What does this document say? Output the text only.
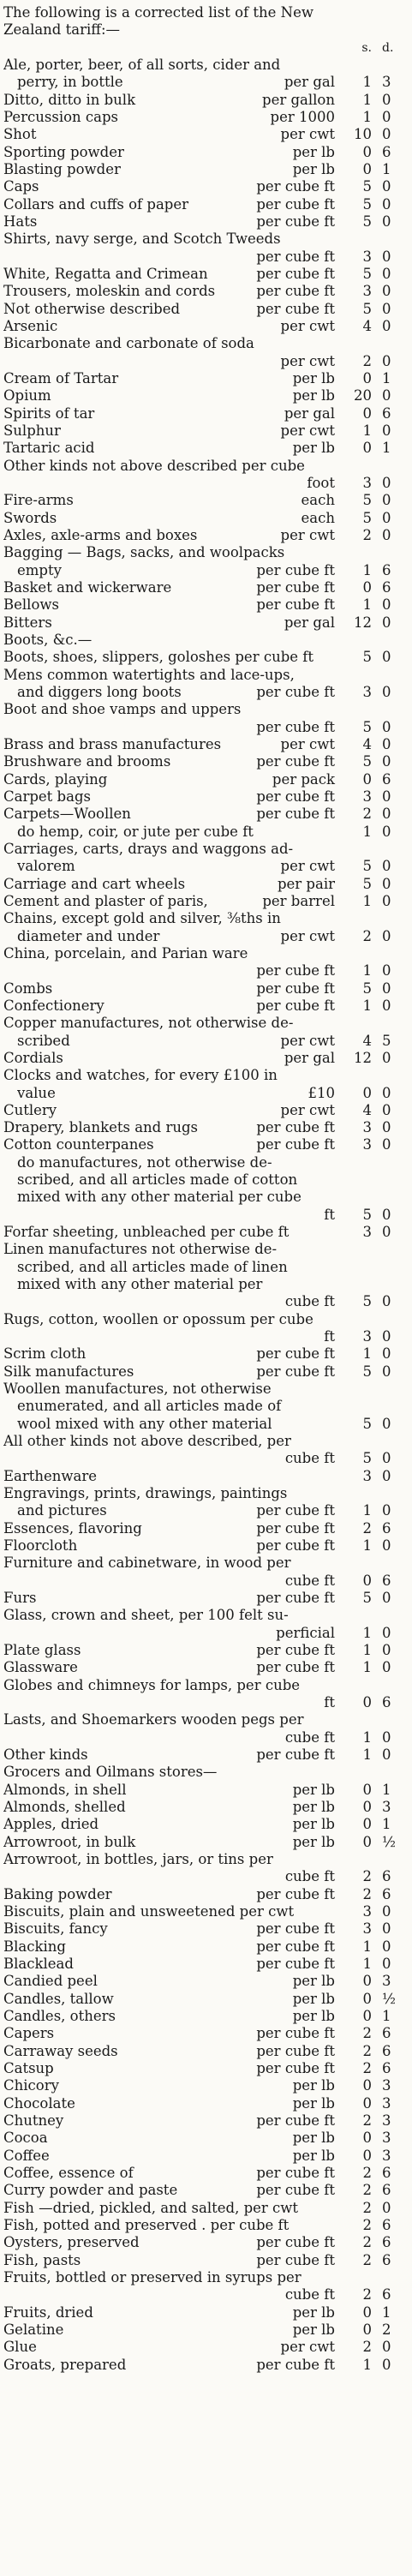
The following is a corrected list of the New
Zealand tariff:—
s. d.
Ale, porter, beer, of all sorts, cider and
perry, in bottle	per gal	1 3
Ditto, ditto in bulk	per gallon	1 0
Percussion caps	per 1000	1 0
Shot	per cwt	10 0
Sporting powder	per lb	0 6
Blasting powder	per lb	0 1
Caps	per cube ft	5 0
Collars and cuffs of paper	per cube ft	5 0
Hats	per cube ft	5 0
Shirts, navy serge, and Scotch Tweeds
per cube ft	3 0
White, Regatta and Crimean	per cube ft	5 0
Trousers, moleskin and cords	per cube ft	3 0
Not otherwise described	per cube ft	5 0
Arsenic	per cwt	4 0
Bicarbonate and carbonate of soda
per cwt	2 0
Cream of Tartar	per lb	0 1
Opium	per lb	20 0
Spirits of tar	per gal	0 6
Sulphur	per cwt	1 0
Tartaric acid	per lb	0 1
Other kinds not above described per cube
foot	3 0
Fire-arms	each	5 0
Swords	each	5 0
Axles, axle-arms and boxes	per cwt	2 0
Bagging — Bags, sacks, and woolpacks
empty	per cube ft	1 6
Basket and wickerware	per cube ft	0 6
Bellows	per cube ft	1 0
Bitters	per gal	12 0
Boots, &c.—
Boots, shoes, slippers, goloshes per cube ft	5 0
Mens common watertights and lace-ups,
and diggers long boots	per cube ft	3 0
Boot and shoe vamps and uppers
per cube ft	5 0
Brass and brass manufactures	per cwt	4 0
Brushware and brooms	per cube ft	5 0
Cards, playing	per pack	0 6
Carpet bags	per cube ft	3 0
Carpets—Woollen	per cube ft	2 0
do hemp, coir, or jute per cube ft	1 0
Carriages, carts, drays and waggons ad-
valorem	per cwt	5 0
Carriage and cart wheels	per pair	5 0
Cement and plaster of paris,	per barrel	1 0
Chains, except gold and silver, ⅜ths in
diameter and under	per cwt	2 0
China, porcelain, and Parian ware
per cube ft	1 0
Combs	per cube ft	5 0
Confectionery	per cube ft	1 0
Copper manufactures, not otherwise de-
scribed	per cwt	4 5
Cordials	per gal	12 0
Clocks and watches, for every £100 in
value	£10	0 0
Cutlery	per cwt	4 0
Drapery, blankets and rugs	per cube ft	3 0
Cotton counterpanes	per cube ft	3 0
do manufactures, not otherwise de-
scribed, and all articles made of cotton
mixed with any other material per cube
ft	5 0
Forfar sheeting, unbleached per cube ft	3 0
Linen manufactures not otherwise de-
scribed, and all articles made of linen
mixed with any other material per
cube ft	5 0
Rugs, cotton, woollen or opossum per cube
ft	3 0
Scrim cloth	per cube ft	1 0
Silk manufactures	per cube ft	5 0
Woollen manufactures, not otherwise
enumerated, and all articles made of
wool mixed with any other material	5 0
All other kinds not above described, per
cube ft	5 0
Earthenware	3 0
Engravings, prints, drawings, paintings
and pictures	per cube ft	1 0
Essences, flavoring	per cube ft	2 6
Floorcloth	per cube ft	1 0
Furniture and cabinetware, in wood per
cube ft	0 6
Furs	per cube ft	5 0
Glass, crown and sheet, per 100 felt su-
perficial	1 0
Plate glass	per cube ft	1 0
Glassware	per cube ft	1 0
Globes and chimneys for lamps, per cube
ft	0 6
Lasts, and Shoemarkers wooden pegs per
cube ft	1 0
Other kinds	per cube ft	1 0
Grocers and Oilmans stores—
Almonds, in shell	per lb	0 1
Almonds, shelled	per lb	0 3
Apples, dried	per lb	0 1
Arrowroot, in bulk	per lb	0 ½
Arrowroot, in bottles, jars, or tins per
cube ft	2 6
Baking powder	per cube ft	2 6
Biscuits, plain and unsweetened per cwt	3 0
Biscuits, fancy	per cube ft	3 0
Blacking	per cube ft	1 0
Blacklead	per cube ft	1 0
Candied peel	per lb	0 3
Candles, tallow	per lb	0 ½
Candles, others	per lb	0 1
Capers	per cube ft	2 6
Carraway seeds	per cube ft	2 6
Catsup	per cube ft	2 6
Chicory	per lb	0 3
Chocolate	per lb	0 3
Chutney	per cube ft	2 3
Cocoa	per lb	0 3
Coffee	per lb	0 3
Coffee, essence of	per cube ft	2 6
Curry powder and paste	per cube ft	2 6
Fish —dried, pickled, and salted, per cwt	2 0
Fish, potted and preserved . per cube ft	2 6
Oysters, preserved	per cube ft	2 6
Fish, pasts	per cube ft	2 6
Fruits, bottled or preserved in syrups per
cube ft	2 6
Fruits, dried	per lb	0 1
Gelatine	per lb	0 2
Glue	per cwt	2 0
Groats, prepared	per cube ft	1 0
